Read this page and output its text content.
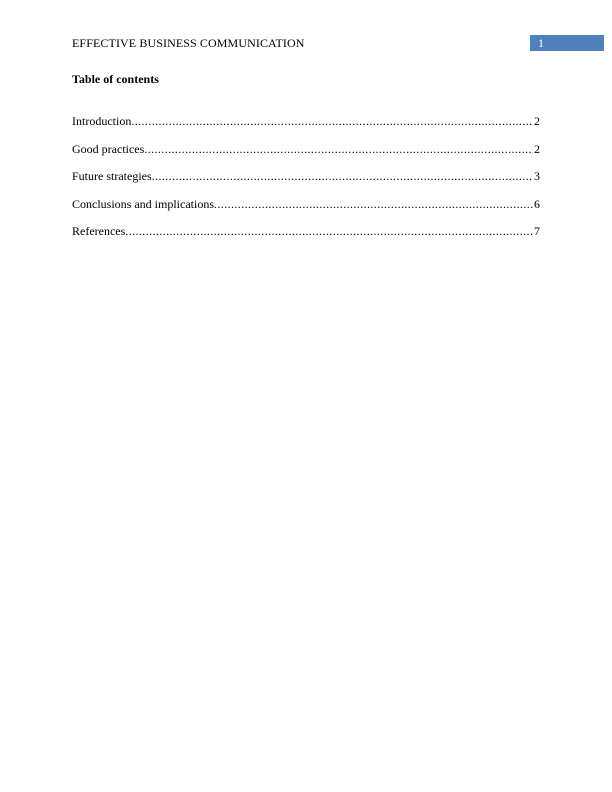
EFFECTIVE BUSINESS COMMUNICATION	1
Table of contents
Introduction .....	2
Good practices .....	2
Future strategies .....	3
Conclusions and implications .....	6
References .....	7
